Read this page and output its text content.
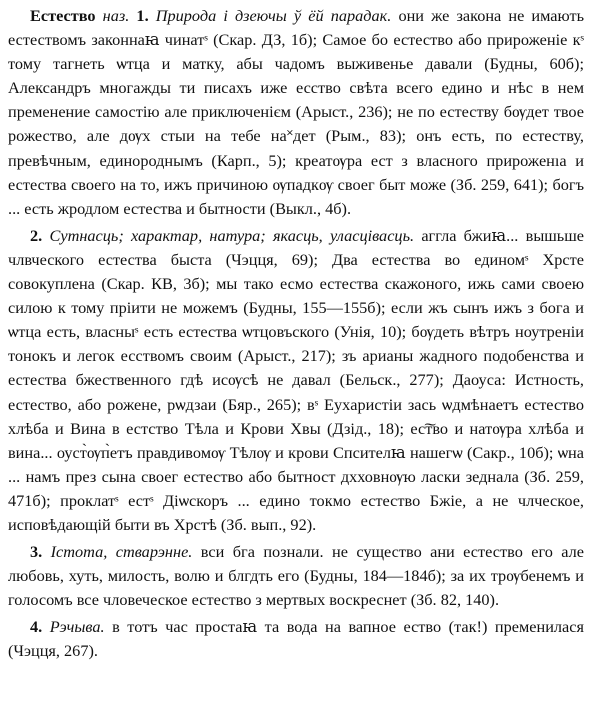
Естество наз. 1. Природа і дзеючы ў ёй парадак. они же закона не имають естествомъ законнаꙗ чинатˢ (Скар. ДЗ, 1б); Самое бо естество або прироженіе кˢ тому тагнеть ѡтца и матку, абы чадомъ выживенье давали (Будны, 60б); Александръ многажды ти писахъ иже есство свѣта всего едино и нѣс в нем пременение самостію але приключенієм (Арыст., 236); не по естеству бѹдет твое рожество, але дѹх стыи на тебе на˟дет (Рым., 83); онъ есть, по естеству, превѣчным, единороднымъ (Карп., 5); креатѹра ест з власного прироженıа и естества своего на то, ижъ причиною ѹпадкѹ своег быт може (Зб. 259, 641); богъ ... есть жродлом естества и бытности (Выкл., 4б).

2. Сутнасць; характар, натура; якасць, уласцівасць. аггла бжиꙗ... вышьше члвческого естества быста (Чэцця, 69); Два естества во единомˢ Хрсте совокуплена (Скар. КВ, 3б); мы тако есмо естества скажоного, ижь сами своею силою к тому прiити не можемъ (Будны, 155—155б); если жъ сынъ ижъ з бога и ѡтца есть, власныˢ есть естества ѡтцовъского (Унія, 10); бѹдеть вѣтръ ноутреніи тонокъ и легок есствомъ своим (Арыст., 217); зъ ариaны жадного подобенства и естества бжественного гдѣ исѹсѣ не давал (Бельск., 277); Даоуса: Истность, естество, або рожене, рѡдзаи (Бяр., 265); вˢ Еуxaристiи зась ѡдмѣнаетъ естество хлѣба и Вина в естство Тѣла и Крови Хвы (Дзiд., 18); ес͠тво и натѹра хлѣба и вина... оуст̀ѹп̀етъ правдивомѹ Тѣлѹ и крови Спсителꙗ нашегѡ (Сакр., 10б); ѡна ... намъ през сына своег естество або бытност дхховнѹю ласки зеднала (Зб. 259, 471б); проклатˢ естˢ Діѡскоръ ... едино токмо естество Бжіе, а не члческое, исповѣдающій быти въ Хрстѣ (Зб. вып., 92).

3. Істота, стварэнне. вси бга познали. не существо ани естество его але любовь, хуть, милость, волю и блгдть его (Будны, 184—184б); за их трѹбенемъ и голосомъ все чловеческое естество з мертвых воскреснет (Зб. 82, 140).

4. Рэчыва. в тотъ час простаꙗ та вода на вапное ество (так!) пременилася (Чэцця, 267).
